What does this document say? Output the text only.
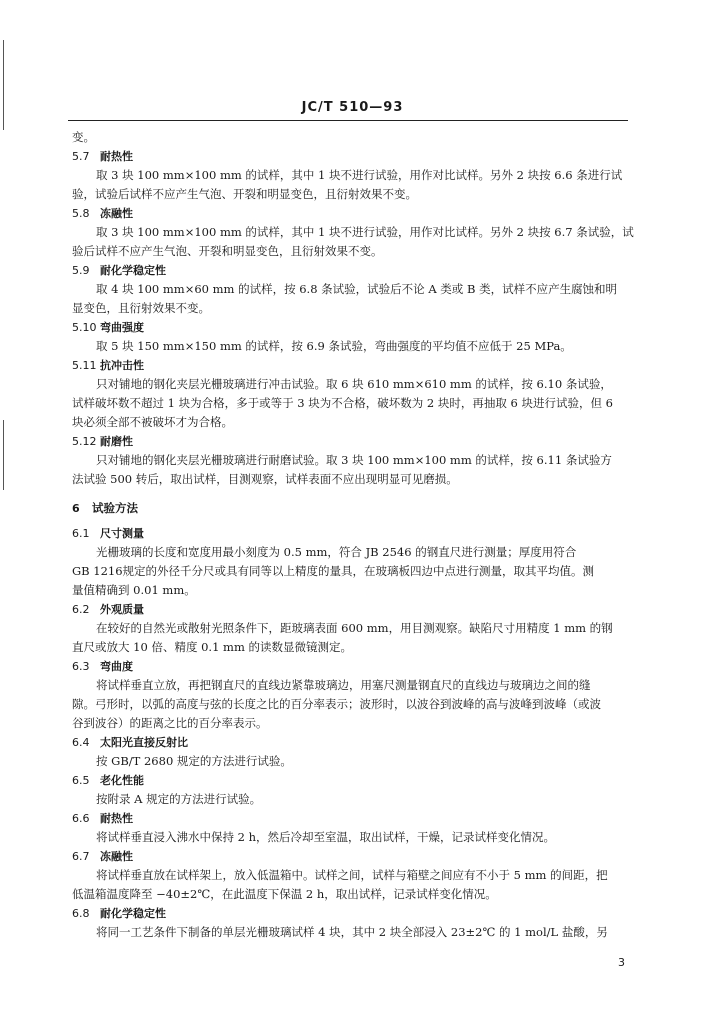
JC/T 510—93
变。
5.7 耐热性
取 3 块 100 mm×100 mm 的试样，其中 1 块不进行试验，用作对比试样。另外 2 块按 6.6 条进行试
验，试验后试样不应产生气泡、开裂和明显变色，且衍射效果不变。
5.8 冻融性
取 3 块 100 mm×100 mm 的试样，其中 1 块不进行试验，用作对比试样。另外 2 块按 6.7 条试验，试
验后试样不应产生气泡、开裂和明显变色，且衍射效果不变。
5.9 耐化学稳定性
取 4 块 100 mm×60 mm 的试样，按 6.8 条试验，试验后不论 A 类或 B 类，试样不应产生腐蚀和明
显变色，且衍射效果不变。
5.10 弯曲强度
取 5 块 150 mm×150 mm 的试样，按 6.9 条试验，弯曲强度的平均值不应低于 25 MPa。
5.11 抗冲击性
只对铺地的钢化夹层光栅玻璃进行冲击试验。取 6 块 610 mm×610 mm 的试样，按 6.10 条试验，
试样破坏数不超过 1 块为合格，多于或等于 3 块为不合格，破坏数为 2 块时，再抽取 6 块进行试验，但 6
块必须全部不被破坏才为合格。
5.12 耐磨性
只对铺地的钢化夹层光栅玻璃进行耐磨试验。取 3 块 100 mm×100 mm 的试样，按 6.11 条试验方
法试验 500 转后，取出试样，目测观察，试样表面不应出现明显可见磨损。
6 试验方法
6.1 尺寸测量
光栅玻璃的长度和宽度用最小刻度为 0.5 mm，符合 JB 2546 的钢直尺进行测量；厚度用符合
GB 1216规定的外径千分尺或具有同等以上精度的量具，在玻璃板四边中点进行测量，取其平均值。测
量值精确到 0.01 mm。
6.2 外观质量
在较好的自然光或散射光照条件下，距玻璃表面 600 mm，用目测观察。缺陷尺寸用精度 1 mm 的钢
直尺或放大 10 倍、精度 0.1 mm 的读数显微镜测定。
6.3 弯曲度
将试样垂直立放，再把钢直尺的直线边紧靠玻璃边，用塞尺测量钢直尺的直线边与玻璃边之间的缝
隙。弓形时，以弧的高度与弦的长度之比的百分率表示；波形时，以波谷到波峰的高与波峰到波峰（或波
谷到波谷）的距离之比的百分率表示。
6.4 太阳光直接反射比
按 GB/T 2680 规定的方法进行试验。
6.5 老化性能
按附录 A 规定的方法进行试验。
6.6 耐热性
将试样垂直浸入沸水中保持 2 h，然后冷却至室温，取出试样，干燥，记录试样变化情况。
6.7 冻融性
将试样垂直放在试样架上，放入低温箱中。试样之间，试样与箱壁之间应有不小于 5 mm 的间距，把
低温箱温度降至 −40±2℃，在此温度下保温 2 h，取出试样，记录试样变化情况。
6.8 耐化学稳定性
将同一工艺条件下制备的单层光栅玻璃试样 4 块，其中 2 块全部浸入 23±2℃ 的 1 mol/L 盐酸，另
3
